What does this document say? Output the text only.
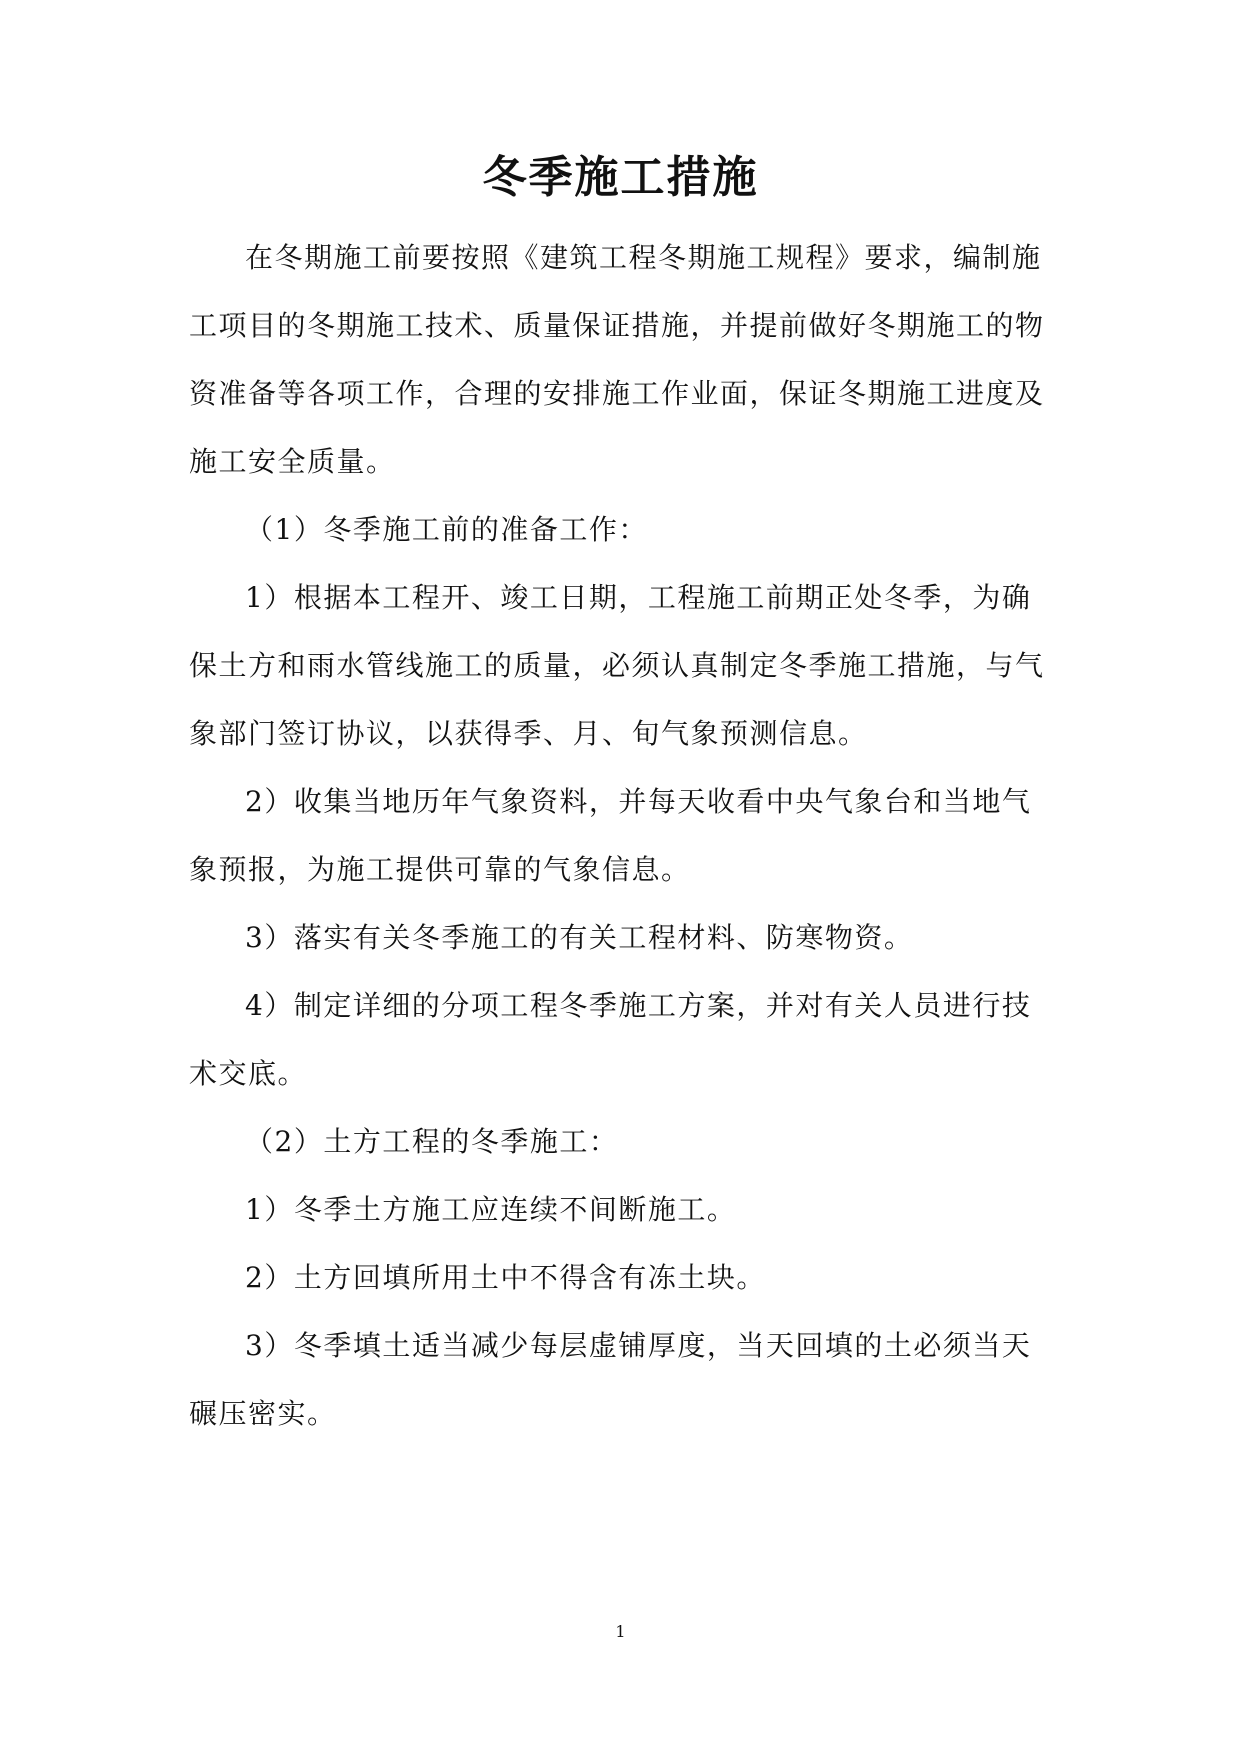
冬季施工措施

在冬期施工前要按照《建筑工程冬期施工规程》要求，编制施工项目的冬期施工技术、质量保证措施，并提前做好冬期施工的物资准备等各项工作，合理的安排施工作业面，保证冬期施工进度及施工安全质量。

（1）冬季施工前的准备工作：

1）根据本工程开、竣工日期，工程施工前期正处冬季，为确保土方和雨水管线施工的质量，必须认真制定冬季施工措施，与气象部门签订协议，以获得季、月、旬气象预测信息。

2）收集当地历年气象资料，并每天收看中央气象台和当地气象预报，为施工提供可靠的气象信息。

3）落实有关冬季施工的有关工程材料、防寒物资。

4）制定详细的分项工程冬季施工方案，并对有关人员进行技术交底。

（2）土方工程的冬季施工：

1）冬季土方施工应连续不间断施工。

2）土方回填所用土中不得含有冻土块。

3）冬季填土适当减少每层虚铺厚度，当天回填的土必须当天碾压密实。

1
